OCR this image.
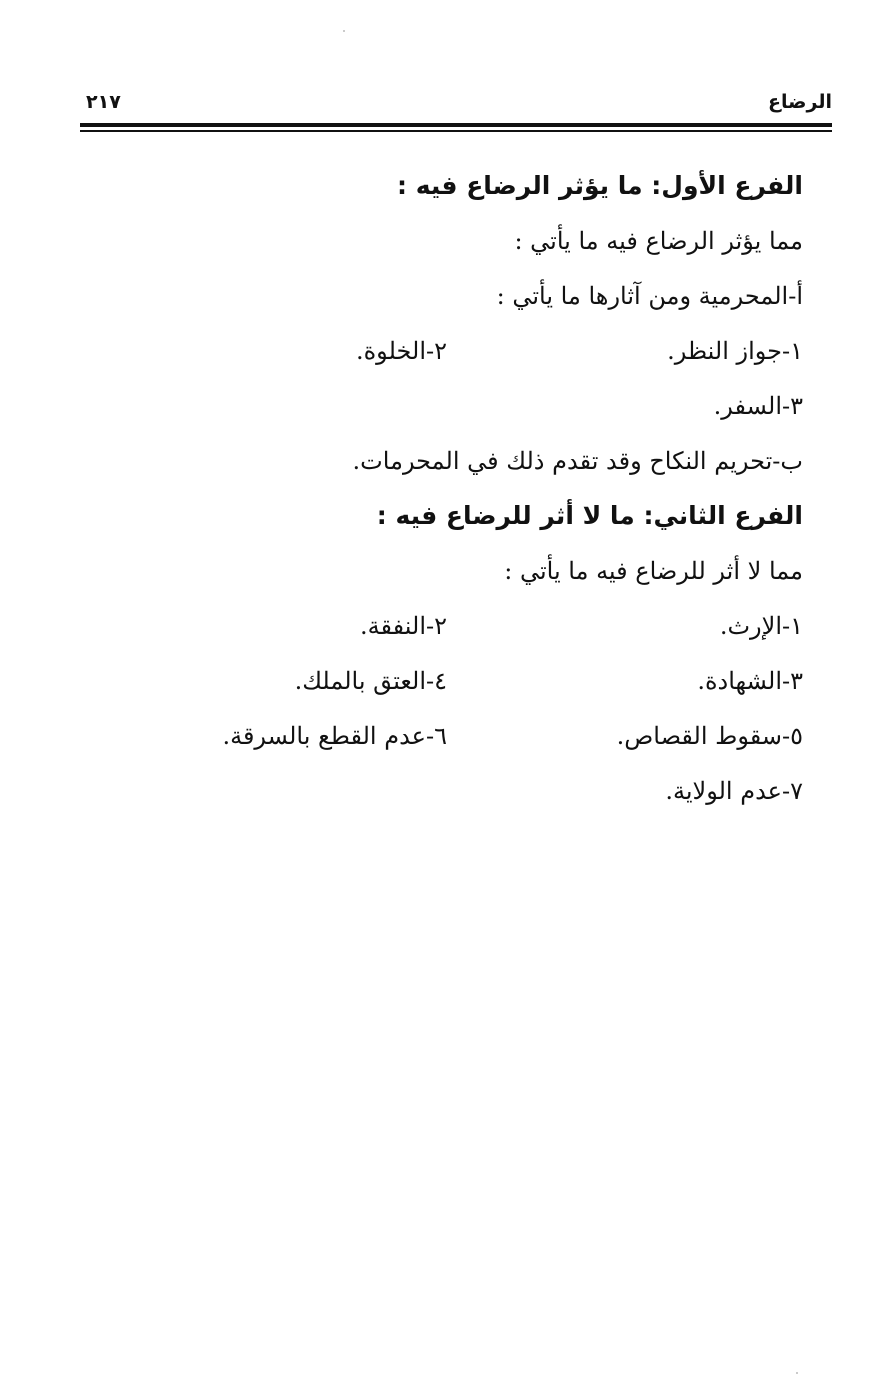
الرضاع
٢١٧
الفرع الأول: ما يؤثر الرضاع فيه :
مما يؤثر الرضاع فيه ما يأتي :
أ-المحرمية ومن آثارها ما يأتي :
١-جواز النظر.
٢-الخلوة.
٣-السفر.
ب-تحريم النكاح وقد تقدم ذلك في المحرمات.
الفرع الثاني: ما لا أثر للرضاع فيه :
مما لا أثر للرضاع فيه ما يأتي :
١-الإرث.
٢-النفقة.
٣-الشهادة.
٤-العتق بالملك.
٥-سقوط القصاص.
٦-عدم القطع بالسرقة.
٧-عدم الولاية.
